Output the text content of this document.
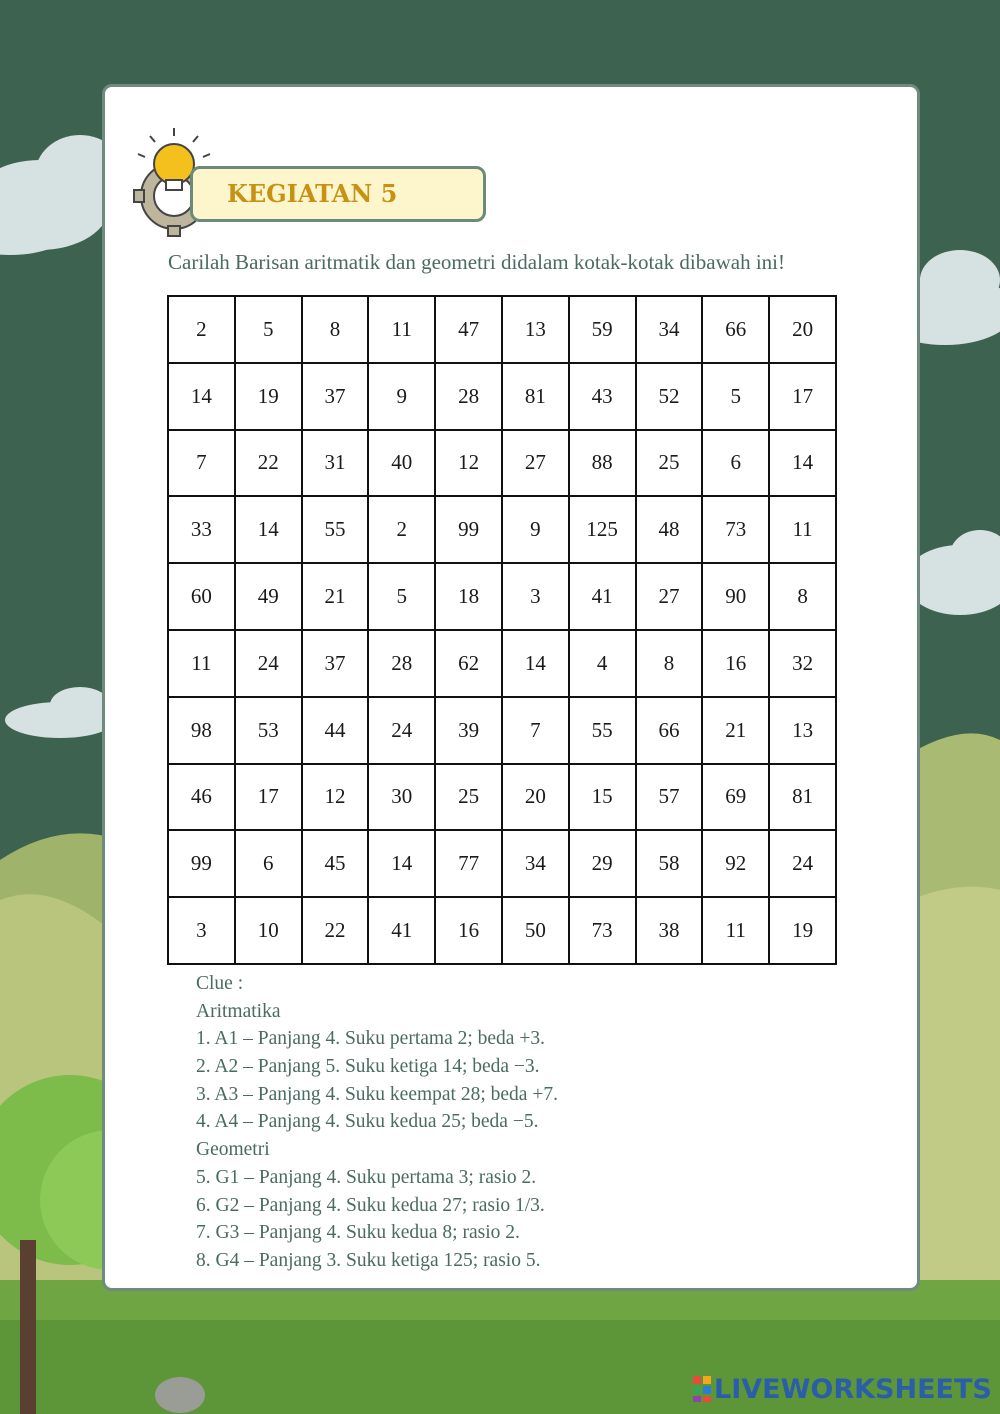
KEGIATAN 5
Carilah Barisan aritmatik dan geometri didalam kotak-kotak dibawah ini!
2	5	8	11	47	13	59	34	66	20
14	19	37	9	28	81	43	52	5	17
7	22	31	40	12	27	88	25	6	14
33	14	55	2	99	9	125	48	73	11
60	49	21	5	18	3	41	27	90	8
11	24	37	28	62	14	4	8	16	32
98	53	44	24	39	7	55	66	21	13
46	17	12	30	25	20	15	57	69	81
99	6	45	14	77	34	29	58	92	24
3	10	22	41	16	50	73	38	11	19
Clue :
Aritmatika
1. A1 – Panjang 4. Suku pertama 2; beda +3.
2. A2 – Panjang 5. Suku ketiga 14; beda −3.
3. A3 – Panjang 4. Suku keempat 28; beda +7.
4. A4 – Panjang 4. Suku kedua 25; beda −5.
Geometri
5. G1 – Panjang 4. Suku pertama 3; rasio 2.
6. G2 – Panjang 4. Suku kedua 27; rasio 1/3.
7. G3 – Panjang 4. Suku kedua 8; rasio 2.
8. G4 – Panjang 3. Suku ketiga 125; rasio 5.
LIVEWORKSHEETS
